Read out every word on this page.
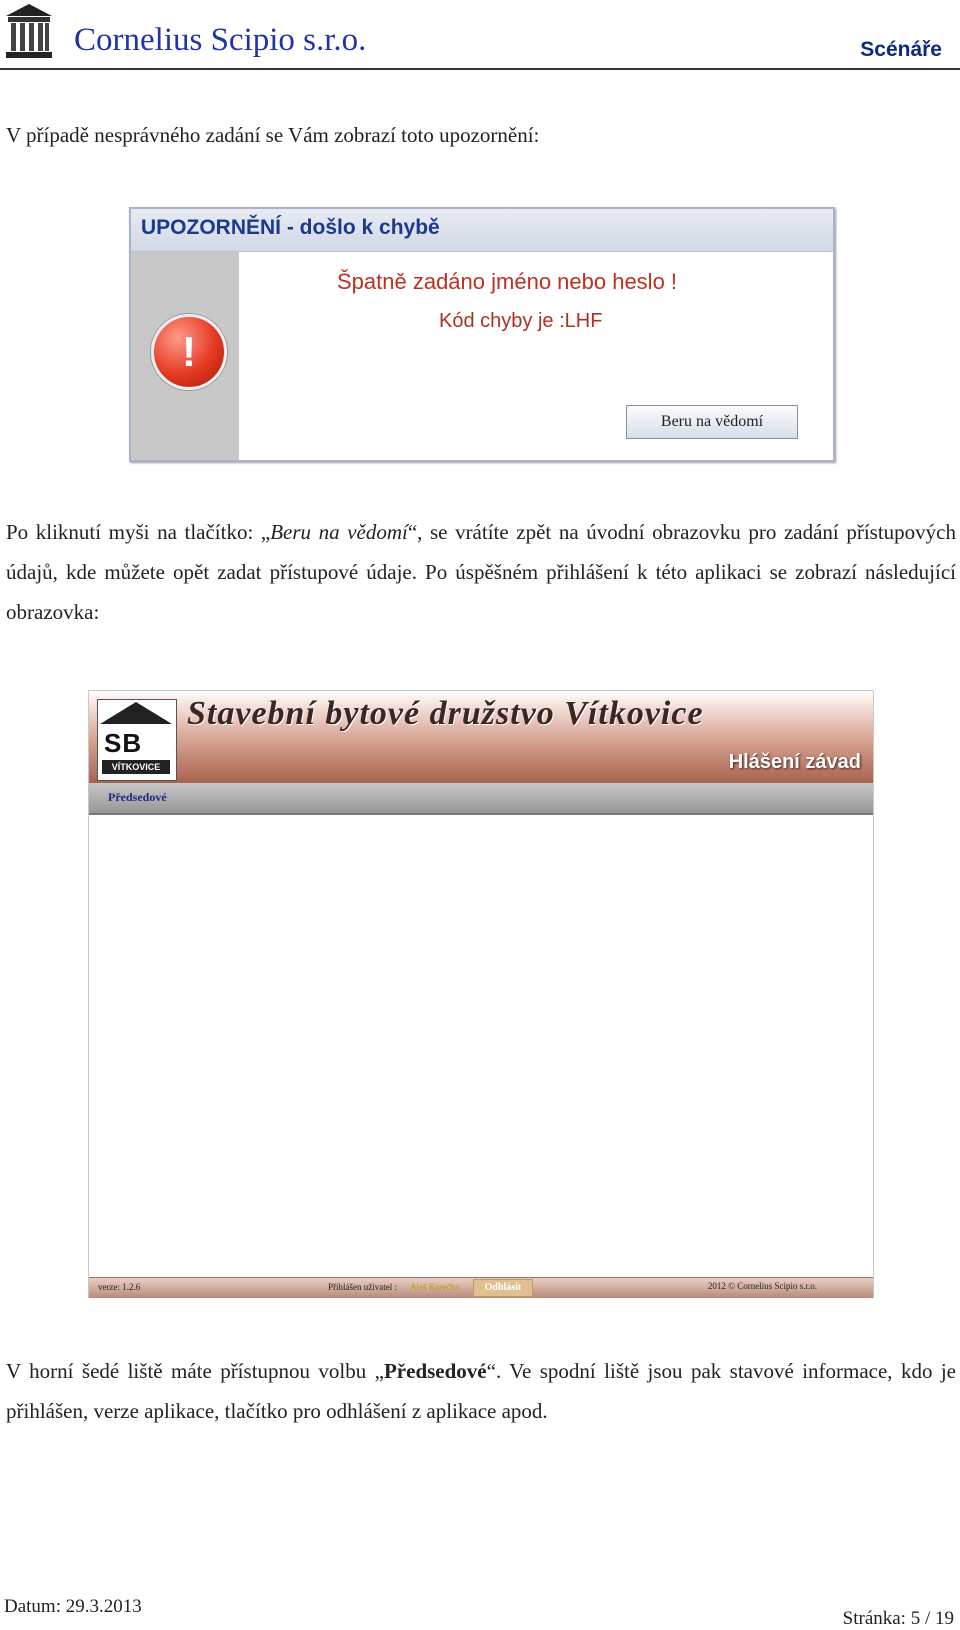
Cornelius Scipio s.r.o.	Scénáře
V případě nesprávného zadání se Vám zobrazí toto upozornění:
UPOZORNĚNÍ - došlo k chybě
!
Špatně zadáno jméno nebo heslo !
Kód chyby je :LHF
Beru na vědomí
Po kliknutí myši na tlačítko: „Beru na vědomí“, se vrátíte zpět na úvodní obrazovku pro zadání přístupových údajů, kde můžete opět zadat přístupové údaje. Po úspěšném přihlášení k této aplikaci se zobrazí následující obrazovka:
SB
VÍTKOVICE
Stavební bytové družstvo Vítkovice
Hlášení závad
Předsedové
verze: 1.2.6	Přihlášen uživatel : Aleš Kurečka	Odhlásit	2012 © Cornelius Scipio s.r.o.
V horní šedé liště máte přístupnou volbu „Předsedové“. Ve spodní liště jsou pak stavové informace, kdo je přihlášen, verze aplikace, tlačítko pro odhlášení z aplikace apod.
Datum: 29.3.2013
Stránka: 5 / 19
